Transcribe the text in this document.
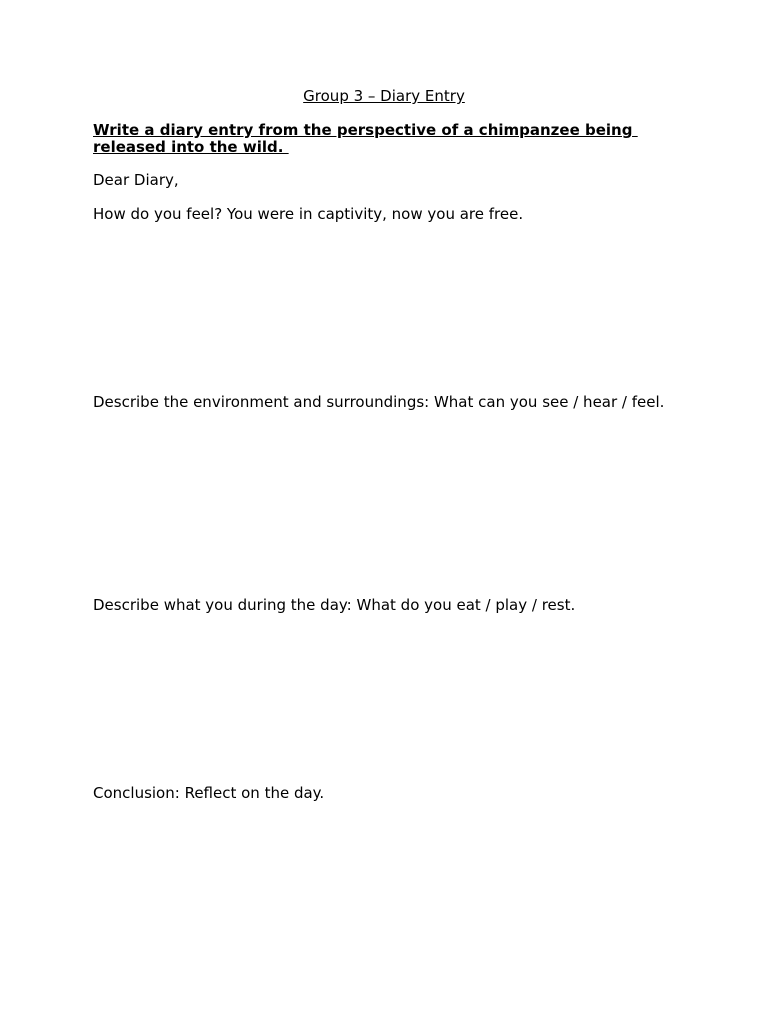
Group 3 – Diary Entry
Write a diary entry from the perspective of a chimpanzee being released into the wild.
Dear Diary,
How do you feel? You were in captivity, now you are free.
Describe the environment and surroundings: What can you see / hear / feel.
Describe what you during the day: What do you eat / play / rest.
Conclusion: Reflect on the day.
